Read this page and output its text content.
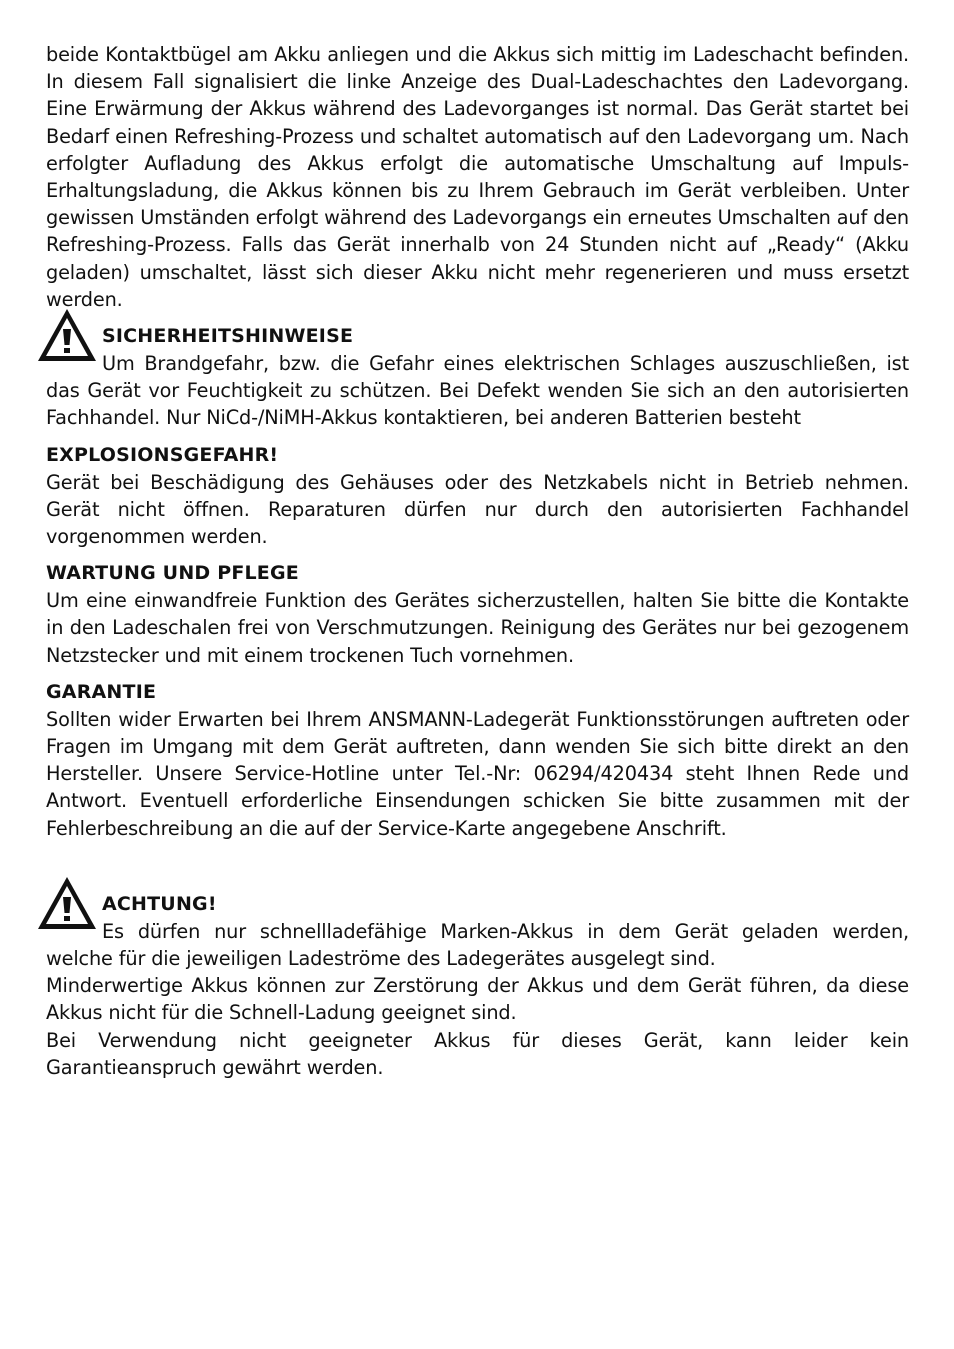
beide Kontaktbügel am Akku anliegen und die Akkus sich mittig im Ladeschacht befinden. In diesem Fall signalisiert die linke Anzeige des Dual-Ladeschachtes den Ladevorgang. Eine Erwärmung der Akkus während des Ladevorganges ist normal. Das Gerät startet bei Bedarf einen Refreshing-Prozess und schaltet automatisch auf den Ladevorgang um. Nach erfolgter Aufladung des Akkus erfolgt die automatische Umschaltung auf Impuls-Erhaltungsladung, die Akkus können bis zu Ihrem Gebrauch im Gerät verbleiben. Unter gewissen Umständen erfolgt während des Ladevorgangs ein erneutes Umschalten auf den Refreshing-Prozess. Falls das Gerät innerhalb von 24 Stunden nicht auf „Ready“ (Akku geladen) umschaltet, lässt sich dieser Akku nicht mehr regenerieren und muss ersetzt werden.

SICHERHEITSHINWEISE

Um Brandgefahr, bzw. die Gefahr eines elektrischen Schlages auszuschließen, ist das Gerät vor Feuchtigkeit zu schützen. Bei Defekt wenden Sie sich an den autorisierten Fachhandel. Nur NiCd-/NiMH-Akkus kontaktieren, bei anderen Batterien besteht

EXPLOSIONSGEFAHR!

Gerät bei Beschädigung des Gehäuses oder des Netzkabels nicht in Betrieb nehmen. Gerät nicht öffnen. Reparaturen dürfen nur durch den autorisierten Fachhandel vorgenommen werden.

WARTUNG UND PFLEGE

Um eine einwandfreie Funktion des Gerätes sicherzustellen, halten Sie bitte die Kontakte in den Ladeschalen frei von Verschmutzungen. Reinigung des Gerätes nur bei gezogenem Netzstecker und mit einem trockenen Tuch vornehmen.

GARANTIE

Sollten wider Erwarten bei Ihrem ANSMANN-Ladegerät Funktionsstörungen auftreten oder Fragen im Umgang mit dem Gerät auftreten, dann wenden Sie sich bitte direkt an den Hersteller. Unsere Service-Hotline unter Tel.-Nr: 06294/420434 steht Ihnen Rede und Antwort. Eventuell erforderliche Einsendungen schicken Sie bitte zusammen mit der Fehlerbeschreibung an die auf der Service-Karte angegebene Anschrift.

ACHTUNG!

Es dürfen nur schnellladefähige Marken-Akkus in dem Gerät geladen werden, welche für die jeweiligen Ladeströme des Ladegerätes ausgelegt sind.

Minderwertige Akkus können zur Zerstörung der Akkus und dem Gerät führen, da diese Akkus nicht für die Schnell-Ladung geeignet sind.

Bei Verwendung nicht geeigneter Akkus für dieses Gerät, kann leider kein Garantieanspruch gewährt werden.
